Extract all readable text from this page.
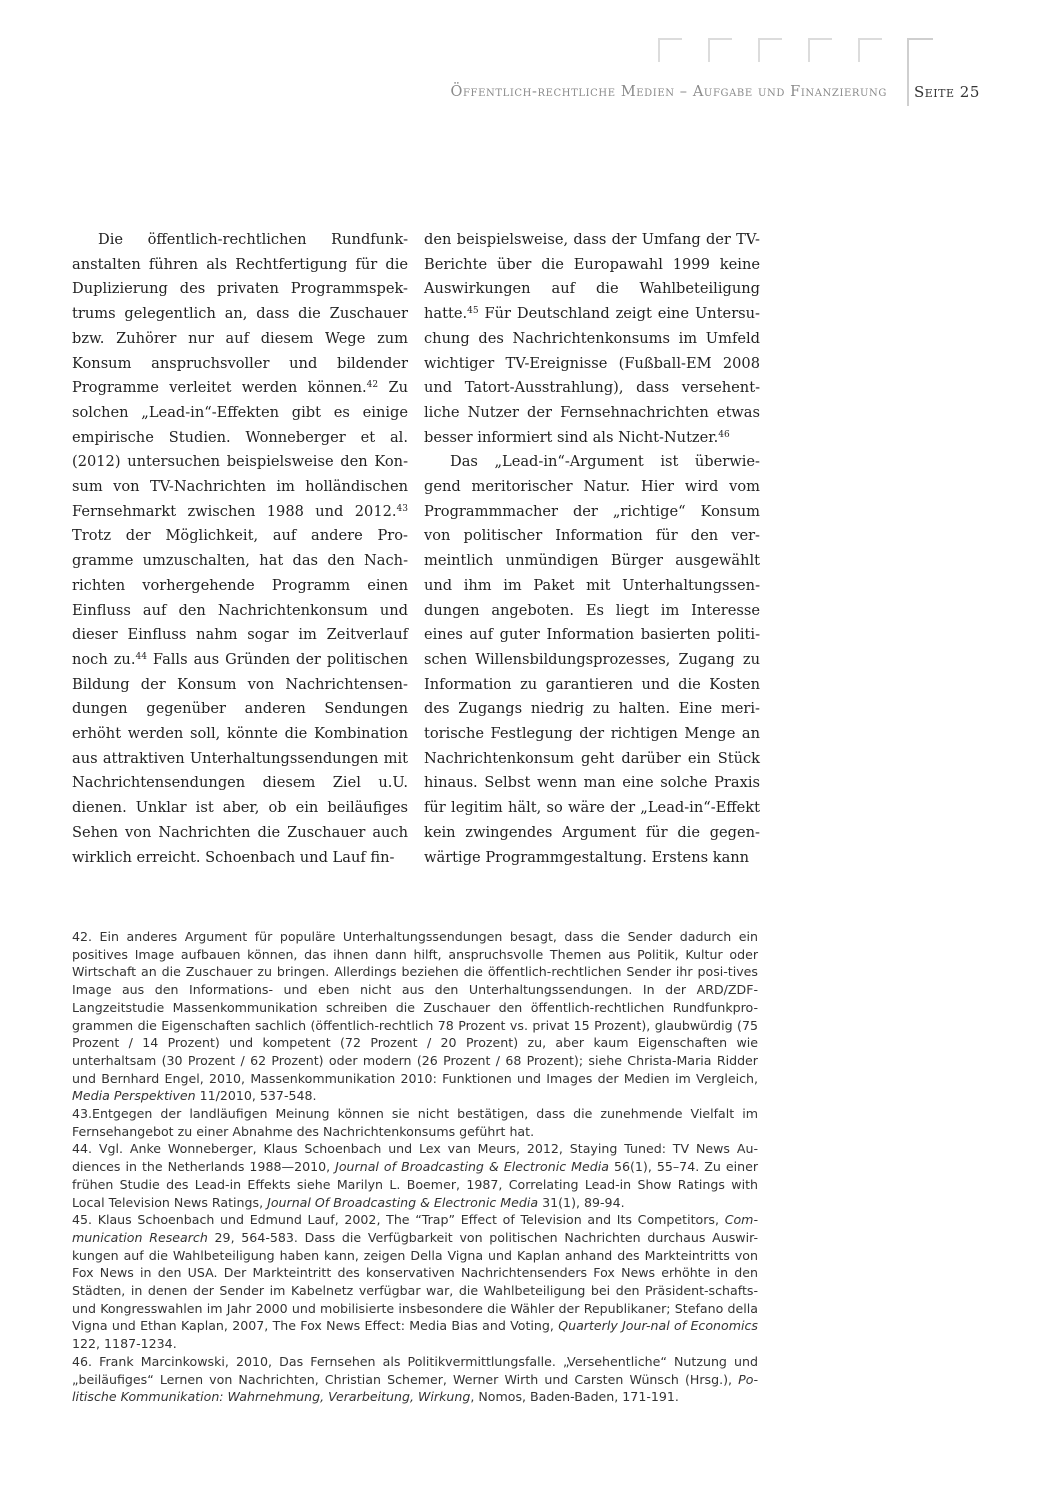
Öffentlich-rechtliche Medien – Aufgabe und Finanzierung Seite 25

Die öffentlich-rechtlichen Rundfunk-anstalten führen als Rechtfertigung für die Duplizierung des privaten Programmspek-trums gelegentlich an, dass die Zuschauer bzw. Zuhörer nur auf diesem Wege zum Konsum anspruchsvoller und bildender Programme verleitet werden können.$^{42}$ Zu solchen „Lead-in“-Effekten gibt es einige empirische Studien. Wonneberger et al. (2012) untersuchen beispielsweise den Kon-sum von TV-Nachrichten im holländischen Fernsehmarkt zwischen 1988 und 2012.43 Trotz der Möglichkeit, auf andere Pro-gramme umzuschalten, hat das den Nach-richten vorhergehende Programm einen Einfluss auf den Nachrichtenkonsum und dieser Einfluss nahm sogar im Zeitverlauf noch zu.$^{44}$ Falls aus Gründen der politischen Bildung der Konsum von Nachrichtensen-dungen gegenüber anderen Sendungen erhöht werden soll, könnte die Kombination aus attraktiven Unterhaltungssendungen mit Nachrichtensendungen diesem Ziel u.U. dienen. Unklar ist aber, ob ein beiläufiges Sehen von Nachrichten die Zuschauer auch wirklich erreicht. Schoenbach und Lauf fin-

den beispielsweise, dass der Umfang der TV-Berichte über die Europawahl 1999 keine Auswirkungen auf die Wahlbeteiligung hatte.$^{45}$ Für Deutschland zeigt eine Untersu-chung des Nachrichtenkonsums im Umfeld wichtiger TV-Ereignisse (Fußball-EM 2008 und Tatort-Ausstrahlung), dass versehent-liche Nutzer der Fernsehnachrichten etwas besser informiert sind als Nicht-Nutzer.$^{46}$

Das „Lead-in“-Argument ist überwie-gend meritorischer Natur. Hier wird vom Programmmacher der „richtige“ Konsum von politischer Information für den ver-meintlich unmündigen Bürger ausgewählt und ihm im Paket mit Unterhaltungssen-dungen angeboten. Es liegt im Interesse eines auf guter Information basierten politi-schen Willensbildungsprozesses, Zugang zu Information zu garantieren und die Kosten des Zugangs niedrig zu halten. Eine meri-torische Festlegung der richtigen Menge an Nachrichtenkonsum geht darüber ein Stück hinaus. Selbst wenn man eine solche Praxis für legitim hält, so wäre der „Lead-in“-Effekt kein zwingendes Argument für die gegen-wärtige Programmgestaltung. Erstens kann

42. Ein anderes Argument für populäre Unterhaltungssendungen besagt, dass die Sender dadurch ein positives Image aufbauen können, das ihnen dann hilft, anspruchsvolle Themen aus Politik, Kultur oder Wirtschaft an die Zuschauer zu bringen. Allerdings beziehen die öffentlich-rechtlichen Sender ihr posi-tives Image aus den Informations- und eben nicht aus den Unterhaltungssendungen. In der ARD/ZDF-Langzeitstudie Massenkommunikation schreiben die Zuschauer den öffentlich-rechtlichen Rundfunkpro-grammen die Eigenschaften sachlich (öffentlich-rechtlich 78 Prozent vs. privat 15 Prozent), glaubwürdig (75 Prozent / 14 Prozent) und kompetent (72 Prozent / 20 Prozent) zu, aber kaum Eigenschaften wie unterhaltsam (30 Prozent / 62 Prozent) oder modern (26 Prozent / 68 Prozent); siehe Christa-Maria Ridder und Bernhard Engel, 2010, Massenkommunikation 2010: Funktionen und Images der Medien im Vergleich, Media Perspektiven 11/2010, 537-548.

43.Entgegen der landläufigen Meinung können sie nicht bestätigen, dass die zunehmende Vielfalt im Fernsehangebot zu einer Abnahme des Nachrichtenkonsums geführt hat.

44. Vgl. Anke Wonneberger, Klaus Schoenbach und Lex van Meurs, 2012, Staying Tuned: TV News Au-diences in the Netherlands 1988—2010, Journal of Broadcasting & Electronic Media 56(1), 55–74. Zu einer frühen Studie des Lead-in Effekts siehe Marilyn L. Boemer, 1987, Correlating Lead-in Show Ratings with Local Television News Ratings, Journal Of Broadcasting & Electronic Media 31(1), 89-94.

45. Klaus Schoenbach und Edmund Lauf, 2002, The “Trap” Effect of Television and Its Competitors, Com-munication Research 29, 564-583. Dass die Verfügbarkeit von politischen Nachrichten durchaus Auswir-kungen auf die Wahlbeteiligung haben kann, zeigen Della Vigna und Kaplan anhand des Markteintritts von Fox News in den USA. Der Markteintritt des konservativen Nachrichtensenders Fox News erhöhte in den Städten, in denen der Sender im Kabelnetz verfügbar war, die Wahlbeteiligung bei den Präsident-schafts- und Kongresswahlen im Jahr 2000 und mobilisierte insbesondere die Wähler der Republikaner; Stefano della Vigna und Ethan Kaplan, 2007, The Fox News Effect: Media Bias and Voting, Quarterly Jour-nal of Economics 122, 1187-1234.

46. Frank Marcinkowski, 2010, Das Fernsehen als Politikvermittlungsfalle. „Versehentliche“ Nutzung und „beiläufiges“ Lernen von Nachrichten, Christian Schemer, Werner Wirth und Carsten Wünsch (Hrsg.), Po-litische Kommunikation: Wahrnehmung, Verarbeitung, Wirkung, Nomos, Baden-Baden, 171-191.
